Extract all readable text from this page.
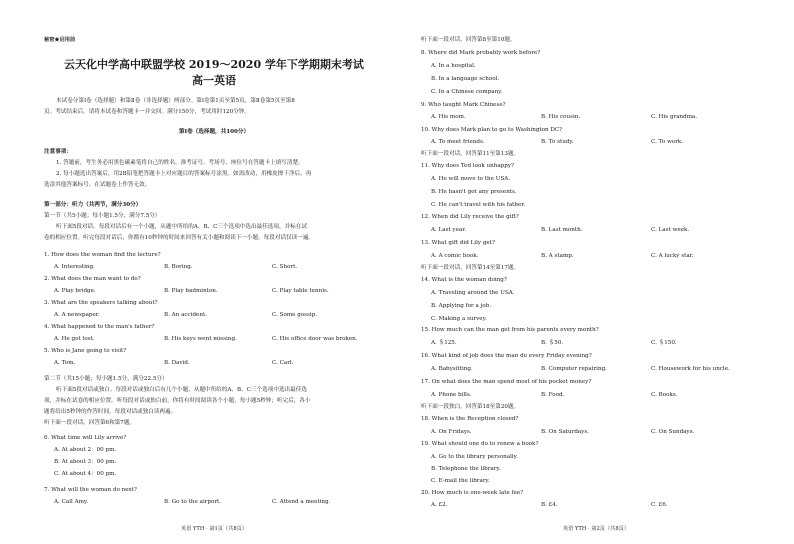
秘密★启用前
云天化中学高中联盟学校 2019～2020 学年下学期期末考试
高一英语
本试卷分第Ⅰ卷（选择题）和第Ⅱ卷（非选择题）两部分。第Ⅰ卷第1页至第5页，第Ⅱ卷第5页至第8
页。考试结束后，请将本试卷和答题卡一并交回。满分150分，考试用时120分钟。
第Ⅰ卷（选择题，共100分）
注意事项：
1. 答题前，考生务必用黑色碳素笔将自己的姓名、准考证号、考场号、座位号在答题卡上填写清楚。
2. 每小题选出答案后，用2B铅笔把答题卡上对应题目的答案标号涂黑。如需改动，用橡皮擦干净后，再
选涂其他答案标号。在试题卷上作答无效。
第一部分：听力（共两节，满分30分）
第一节（共5小题；每小题1.5分，满分7.5分）
听下面5段对话。每段对话后有一个小题，从题中所给的A、B、C三个选项中选出最佳选项，并标在试
卷的相应位置。听完每段对话后，你都有10秒钟的时间来回答有关小题和阅读下一小题。每段对话仅读一遍。
1. How does the woman find the lecture?
A. Interesting.	B. Boring.	C. Short.
2. What does the man want to do?
A. Play bridge.	B. Play badminton.	C. Play table tennis.
3. What are the speakers talking about?
A. A newspaper.	B. An accident.	C. Some gossip.
4. What happened to the man's father?
A. He got lost.	B. His keys went missing.	C. His office door was broken.
5. Who is Jane going to visit?
A. Tom.	B. David.	C. Carl.
第二节（共15小题；每小题1.5分，满分22.5分）
听下面5段对话或独白。每段对话或独白后有几个小题，从题中所给的A、B、C三个选项中选出最佳选
项，并标在试卷的相应位置。听每段对话或独白前，你将有时间阅读各个小题，每小题5秒钟；听完后，各小
题将给出5秒钟的作答时间。每段对话或独白读两遍。
听下面一段对话，回答第6和第7题。
6. What time will Lily arrive?
A. At about 2：00 pm.
B. At about 3：00 pm.
C. At about 4：00 pm.
7. What will the woman do next?
A. Call Amy.	B. Go to the airport.	C. Attend a meeting.
英语 YTH · 第1页（共8页）
听下面一段对话，回答第8至第10题。
8. Where did Mark probably work before?
A. In a hospital.
B. In a language school.
C. In a Chinese company.
9. Who taught Mark Chinese?
A. His mom.	B. His cousin.	C. His grandma.
10. Why does Mark plan to go to Washington DC?
A. To meet friends.	B. To study.	C. To work.
听下面一段对话，回答第11至第13题。
11. Why does Ted look unhappy?
A. He will move to the USA.
B. He hasn't got any presents.
C. He can't travel with his father.
12. When did Lily receive the gift?
A. Last year.	B. Last month.	C. Last week.
13. What gift did Lily get?
A. A comic book.	B. A stamp.	C. A lucky star.
听下面一段对话，回答第14至第17题。
14. What is the woman doing?
A. Traveling around the USA.
B. Applying for a job.
C. Making a survey.
15. How much can the man get from his parents every month?
A. ＄125.	B. ＄50.	C. ＄150.
16. What kind of job does the man do every Friday evening?
A. Babysitting.	B. Computer repairing.	C. Housework for his uncle.
17. On what does the man spend most of his pocket money?
A. Phone bills.	B. Food.	C. Books.
听下面一段独白，回答第18至第20题。
18. When is the Reception closed?
A. On Fridays.	B. On Saturdays.	C. On Sundays.
19. What should one do to renew a book?
A. Go to the library personally.
B. Telephone the library.
C. E-mail the library.
20. How much is one-week late fee?
A. £2.	B. £4.	C. £6.
英语 YTH · 第2页（共8页）
